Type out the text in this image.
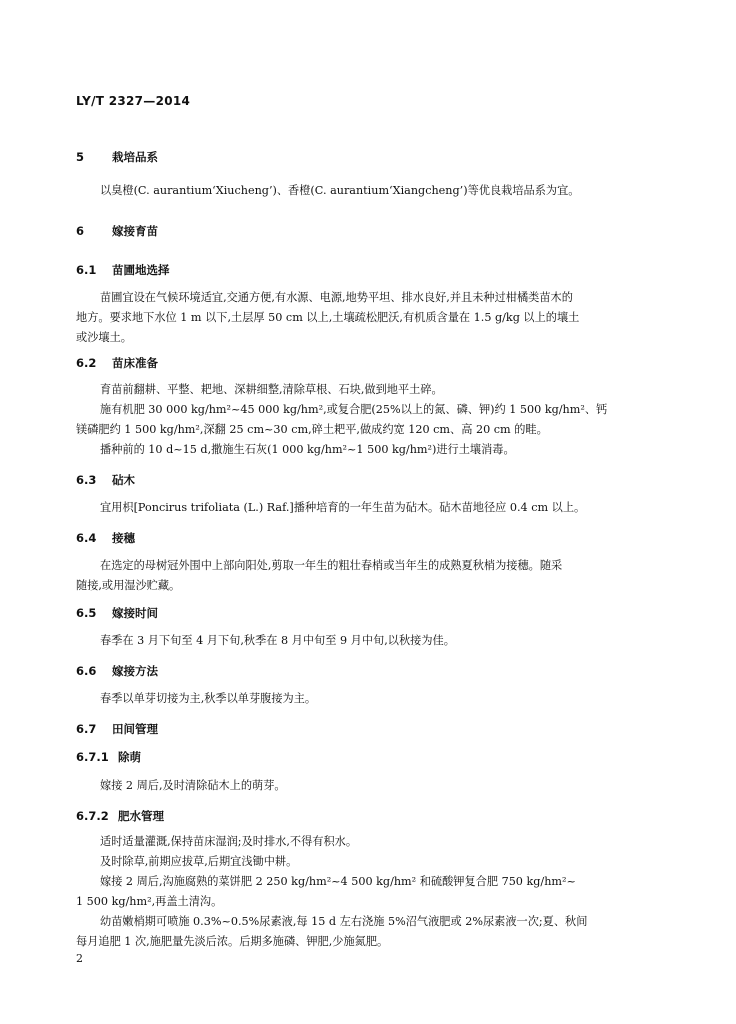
LY/T 2327—2014
5 栽培品系
以臭橙(C. aurantium‘Xiucheng’)、香橙(C. aurantium‘Xiangcheng’)等优良栽培品系为宜。
6 嫁接育苗
6.1 苗圃地选择
苗圃宜设在气候环境适宜,交通方便,有水源、电源,地势平坦、排水良好,并且未种过柑橘类苗木的
地方。要求地下水位 1 m 以下,土层厚 50 cm 以上,土壤疏松肥沃,有机质含量在 1.5 g/kg 以上的壤土
或沙壤土。
6.2 苗床准备
育苗前翻耕、平整、耙地、深耕细整,清除草根、石块,做到地平土碎。
施有机肥 30 000 kg/hm²~45 000 kg/hm²,或复合肥(25%以上的氮、磷、钾)约 1 500 kg/hm²、钙
镁磷肥约 1 500 kg/hm²,深翻 25 cm~30 cm,碎土耙平,做成约宽 120 cm、高 20 cm 的畦。
播种前的 10 d~15 d,撒施生石灰(1 000 kg/hm²~1 500 kg/hm²)进行土壤消毒。
6.3 砧木
宜用枳[Poncirus trifoliata (L.) Raf.]播种培育的一年生苗为砧木。砧木苗地径应 0.4 cm 以上。
6.4 接穗
在选定的母树冠外围中上部向阳处,剪取一年生的粗壮春梢或当年生的成熟夏秋梢为接穗。随采
随接,或用湿沙贮藏。
6.5 嫁接时间
春季在 3 月下旬至 4 月下旬,秋季在 8 月中旬至 9 月中旬,以秋接为佳。
6.6 嫁接方法
春季以单芽切接为主,秋季以单芽腹接为主。
6.7 田间管理
6.7.1 除萌
嫁接 2 周后,及时清除砧木上的萌芽。
6.7.2 肥水管理
适时适量灌溉,保持苗床湿润;及时排水,不得有积水。
及时除草,前期应拔草,后期宜浅锄中耕。
嫁接 2 周后,沟施腐熟的菜饼肥 2 250 kg/hm²~4 500 kg/hm² 和硫酸钾复合肥 750 kg/hm²~
1 500 kg/hm²,再盖土清沟。
幼苗嫩梢期可喷施 0.3%~0.5%尿素液,每 15 d 左右浇施 5%沼气液肥或 2%尿素液一次;夏、秋间
每月追肥 1 次,施肥量先淡后浓。后期多施磷、钾肥,少施氮肥。
2
